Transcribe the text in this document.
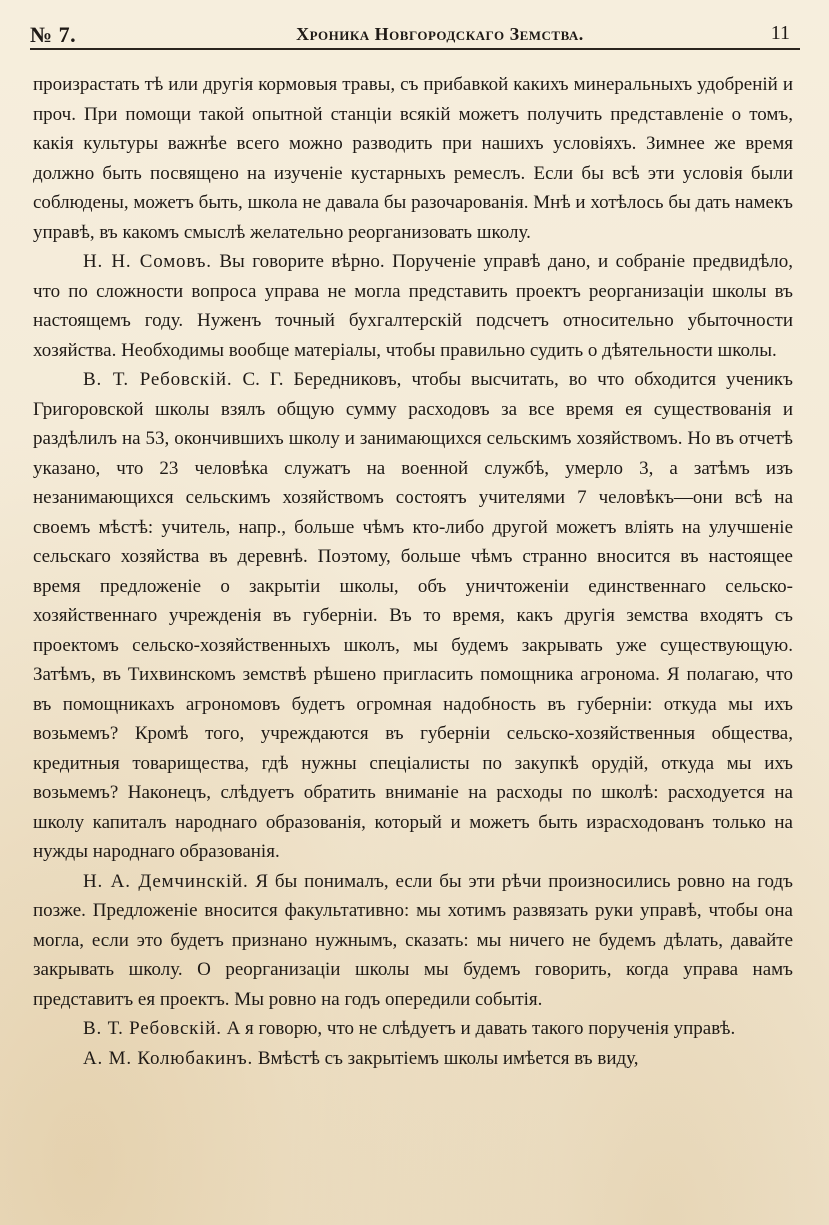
№ 7.	Хроника Новгородскаго Земства.	11

произрастать тѣ или другія кормовыя травы, съ прибавкой какихъ минеральныхъ удобреній и проч. При помощи такой опытной станціи всякій можетъ получить представленіе о томъ, какія культуры важнѣе всего можно разводить при нашихъ условіяхъ. Зимнее же время должно быть посвящено на изученіе кустарныхъ ремеслъ. Если бы всѣ эти условія были соблюдены, можетъ быть, школа не давала бы разочарованія. Мнѣ и хотѣлось бы дать намекъ управѣ, въ какомъ смыслѣ желательно реорганизовать школу.

Н. Н. Сомовъ. Вы говорите вѣрно. Порученіе управѣ дано, и собраніе предвидѣло, что по сложности вопроса управа не могла представить проектъ реорганизаціи школы въ настоящемъ году. Нуженъ точный бухгалтерскій подсчетъ относительно убыточности хозяйства. Необходимы вообще матеріалы, чтобы правильно судить о дѣятельности школы.

В. Т. Ребовскій. С. Г. Бередниковъ, чтобы высчитать, во что обходится ученикъ Григоровской школы взялъ общую сумму расходовъ за все время ея существованія и раздѣлилъ на 53, окончившихъ школу и занимающихся сельскимъ хозяйствомъ. Но въ отчетѣ указано, что 23 человѣка служатъ на военной службѣ, умерло 3, а затѣмъ изъ незанимающихся сельскимъ хозяйствомъ состоятъ учителями 7 человѣкъ—они всѣ на своемъ мѣстѣ: учитель, напр., больше чѣмъ кто-либо другой можетъ вліять на улучшеніе сельскаго хозяйства въ деревнѣ. Поэтому, больше чѣмъ странно вносится въ настоящее время предложеніе о закрытіи школы, объ уничтоженіи единственнаго сельско-хозяйственнаго учрежденія въ губерніи. Въ то время, какъ другія земства входятъ съ проектомъ сельско-хозяйственныхъ школъ, мы будемъ закрывать уже существующую. Затѣмъ, въ Тихвинскомъ земствѣ рѣшено пригласить помощника агронома. Я полагаю, что въ помощникахъ агрономовъ будетъ огромная надобность въ губерніи: откуда мы ихъ возьмемъ? Кромѣ того, учреждаются въ губерніи сельско-хозяйственныя общества, кредитныя товарищества, гдѣ нужны спеціалисты по закупкѣ орудій, откуда мы ихъ возьмемъ? Наконецъ, слѣдуетъ обратить вниманіе на расходы по школѣ: расходуется на школу капиталъ народнаго образованія, который и можетъ быть израсходованъ только на нужды народнаго образованія.

Н. А. Демчинскій. Я бы понималъ, если бы эти рѣчи произносились ровно на годъ позже. Предложеніе вносится факультативно: мы хотимъ развязать руки управѣ, чтобы она могла, если это будетъ признано нужнымъ, сказать: мы ничего не будемъ дѣлать, давайте закрывать школу. О реорганизаціи школы мы будемъ говорить, когда управа намъ представитъ ея проектъ. Мы ровно на годъ опередили событія.

В. Т. Ребовскій. А я говорю, что не слѣдуетъ и давать такого порученія управѣ.

А. М. Колюбакинъ. Вмѣстѣ съ закрытіемъ школы имѣется въ виду,
